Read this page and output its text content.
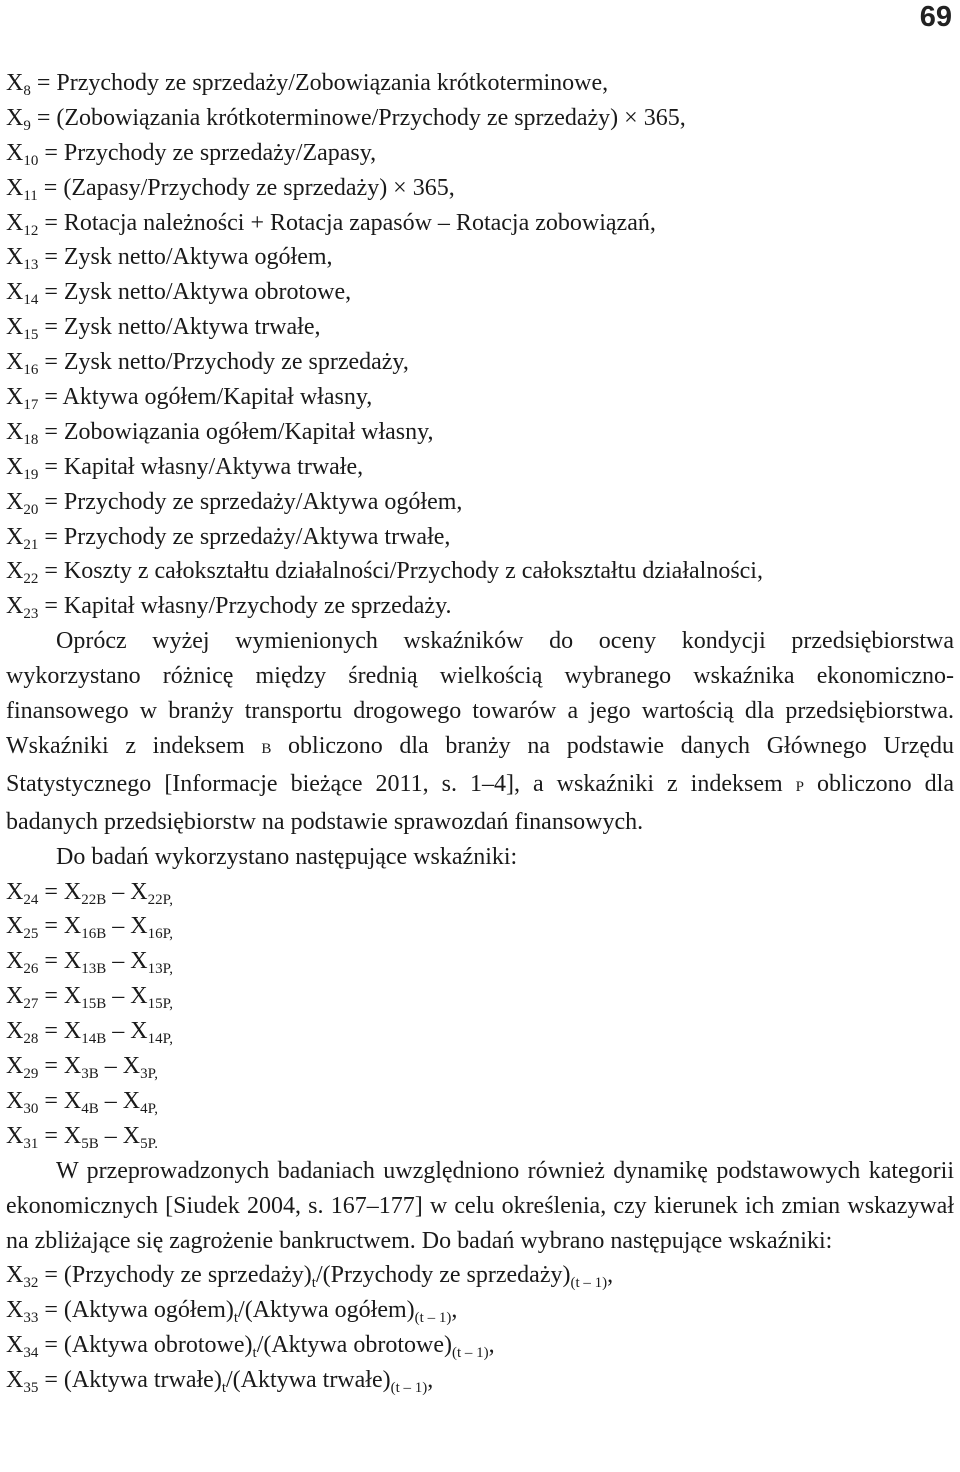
69
$X_8$ = Przychody ze sprzedaży/Zobowiązania krótkoterminowe,
$X_9$ = (Zobowiązania krótkoterminowe/Przychody ze sprzedaży) × 365,
$X_{10}$ = Przychody ze sprzedaży/Zapasy,
$X_{11}$ = (Zapasy/Przychody ze sprzedaży) × 365,
$X_{12}$ = Rotacja należności + Rotacja zapasów – Rotacja zobowiązań,
$X_{13}$ = Zysk netto/Aktywa ogółem,
$X_{14}$ = Zysk netto/Aktywa obrotowe,
$X_{15}$ = Zysk netto/Aktywa trwałe,
$X_{16}$ = Zysk netto/Przychody ze sprzedaży,
$X_{17}$ = Aktywa ogółem/Kapitał własny,
$X_{18}$ = Zobowiązania ogółem/Kapitał własny,
$X_{19}$ = Kapitał własny/Aktywa trwałe,
$X_{20}$ = Przychody ze sprzedaży/Aktywa ogółem,
$X_{21}$ = Przychody ze sprzedaży/Aktywa trwałe,
$X_{22}$ = Koszty z całokształtu działalności/Przychody z całokształtu działalności,
$X_{23}$ = Kapitał własny/Przychody ze sprzedaży.
Oprócz wyżej wymienionych wskaźników do oceny kondycji przedsiębiorstwa wykorzystano różnicę między średnią wielkością wybranego wskaźnika ekonomiczno-finansowego w branży transportu drogowego towarów a jego wartością dla przedsiębiorstwa. Wskaźniki z indeksem B obliczono dla branży na podstawie danych Głównego Urzędu Statystycznego [Informacje bieżące 2011, s. 1–4], a wskaźniki z indeksem P obliczono dla badanych przedsiębiorstw na podstawie sprawozdań finansowych.
Do badań wykorzystano następujące wskaźniki:
$X_{24} = X_{22B} - X_{22P,}$
$X_{25} = X_{16B} - X_{16P,}$
$X_{26} = X_{13B} - X_{13P,}$
$X_{27} = X_{15B} - X_{15P,}$
$X_{28} = X_{14B} - X_{14P,}$
$X_{29} = X_{3B} - X_{3P,}$
$X_{30} = X_{4B} - X_{4P,}$
$X_{31} = X_{5B} - X_{5P.}$
W przeprowadzonych badaniach uwzględniono również dynamikę podstawowych kategorii ekonomicznych [Siudek 2004, s. 167–177] w celu określenia, czy kierunek ich zmian wskazywał na zbliżające się zagrożenie bankructwem. Do badań wybrano następujące wskaźniki:
$X_{32}$ = (Przychody ze $sprzedaży)_t/(Przychody$ ze $sprzedaży)_{(t - 1)}$,
$X_{33}$ = (Aktywa $ogółem)_t/(Aktywa$ $ogółem)_{(t - 1)}$,
$X_{34}$ = (Aktywa $obrotowe)_t/(Aktywa$ $obrotowe)_{(t - 1)}$,
$X_{35}$ = (Aktywa $trwałe)_t/(Aktywa$ $trwałe)_{(t - 1)}$,
